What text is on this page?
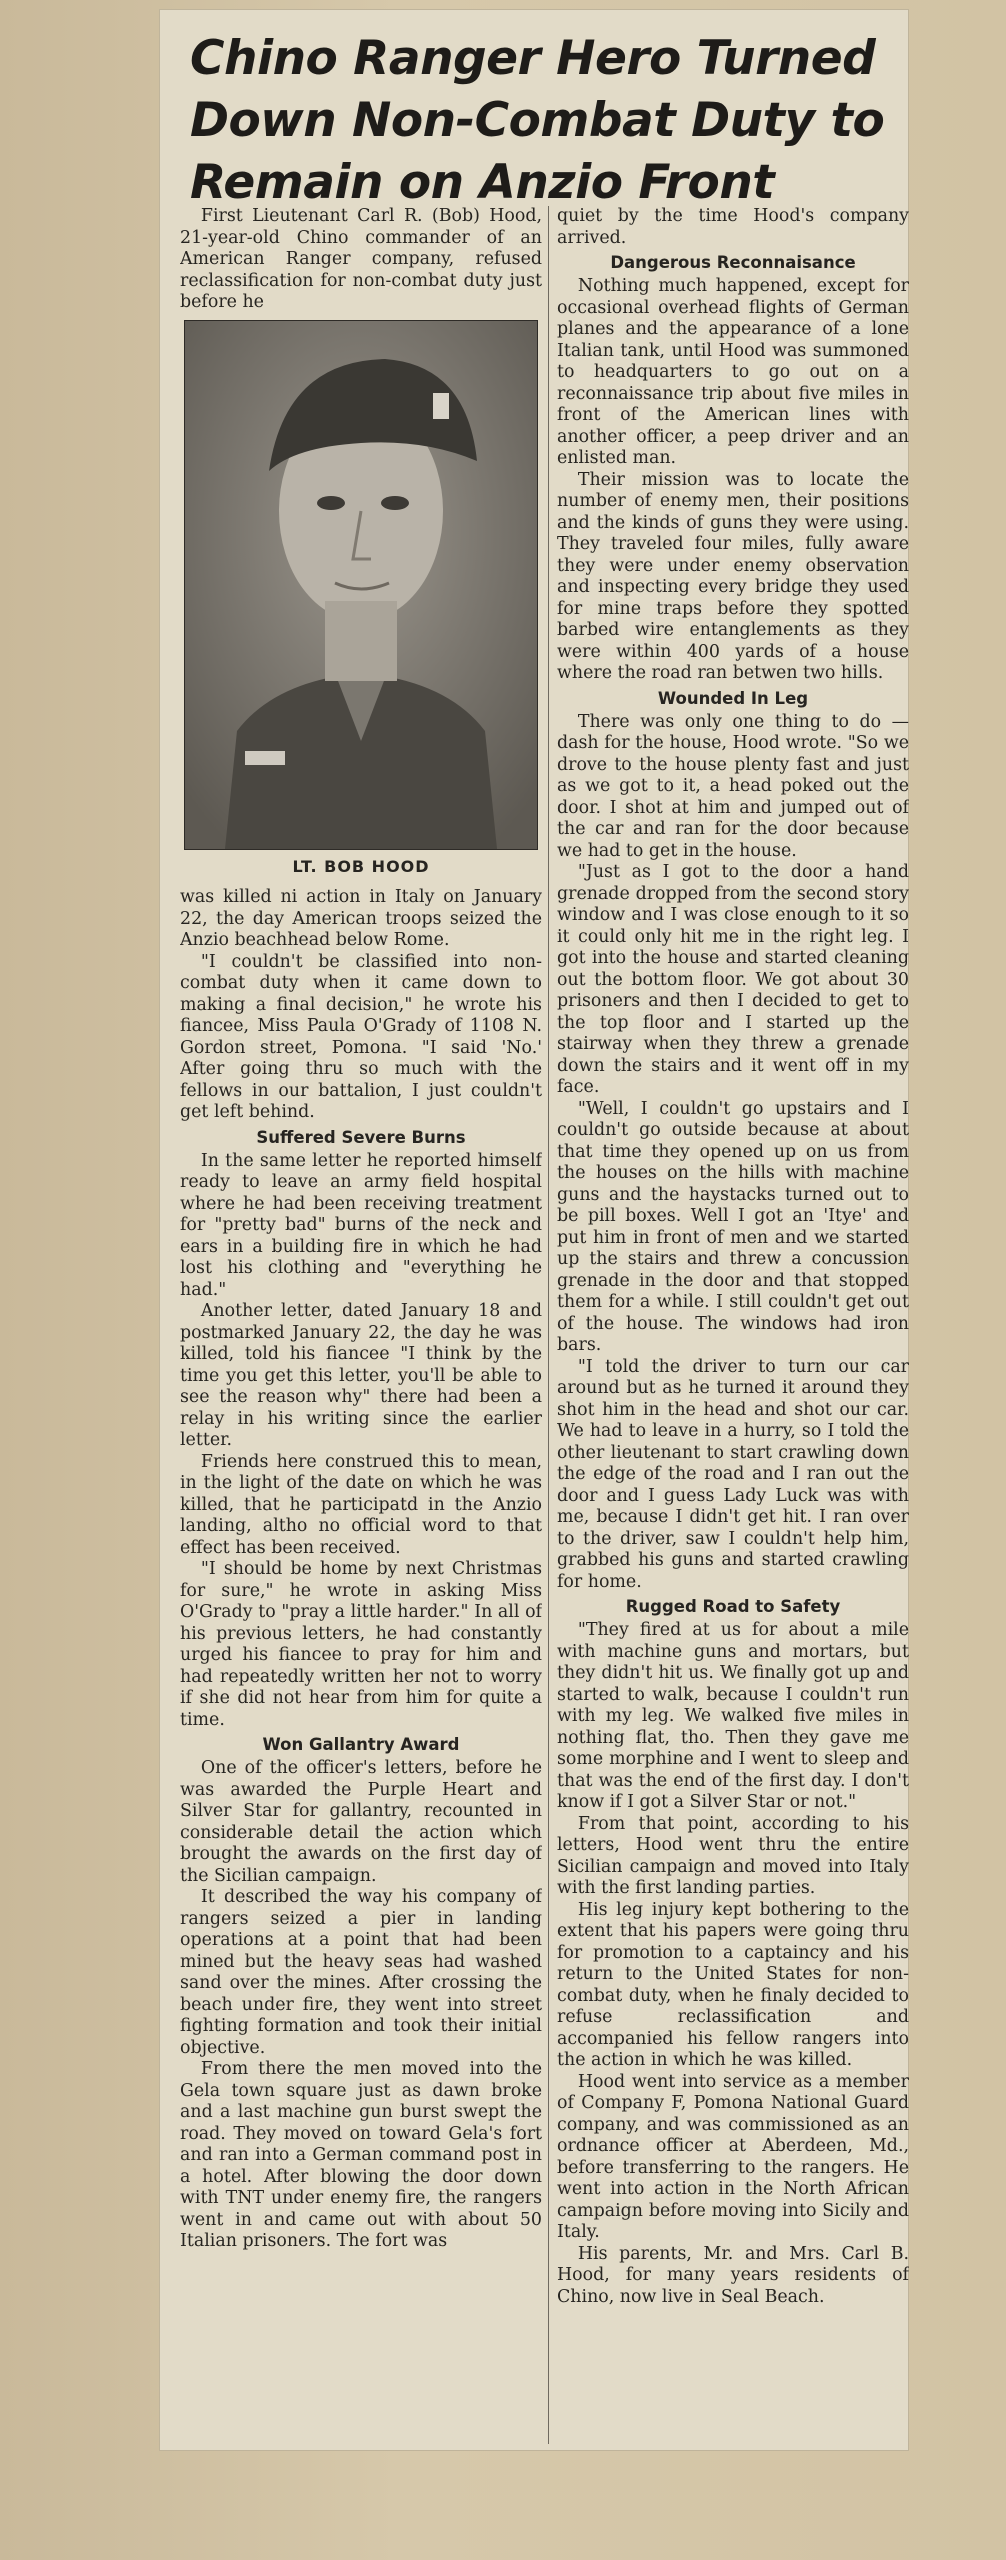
Chino Ranger Hero Turned Down Non-Combat Duty to Remain on Anzio Front

First Lieutenant Carl R. (Bob) Hood, 21-year-old Chino commander of an American Ranger company, refused reclassification for non-combat duty just before he

LT. BOB HOOD

was killed ni action in Italy on January 22, the day American troops seized the Anzio beachhead below Rome.

"I couldn't be classified into non-combat duty when it came down to making a final decision," he wrote his fiancee, Miss Paula O'Grady of 1108 N. Gordon street, Pomona. "I said 'No.' After going thru so much with the fellows in our battalion, I just couldn't get left behind.

Suffered Severe Burns

In the same letter he reported himself ready to leave an army field hospital where he had been receiving treatment for "pretty bad" burns of the neck and ears in a building fire in which he had lost his clothing and "everything he had."

Another letter, dated January 18 and postmarked January 22, the day he was killed, told his fiancee "I think by the time you get this letter, you'll be able to see the reason why" there had been a relay in his writing since the earlier letter.

Friends here construed this to mean, in the light of the date on which he was killed, that he participatd in the Anzio landing, altho no official word to that effect has been received.

"I should be home by next Christmas for sure," he wrote in asking Miss O'Grady to "pray a little harder." In all of his previous letters, he had constantly urged his fiancee to pray for him and had repeatedly written her not to worry if she did not hear from him for quite a time.

Won Gallantry Award

One of the officer's letters, before he was awarded the Purple Heart and Silver Star for gallantry, recounted in considerable detail the action which brought the awards on the first day of the Sicilian campaign.

It described the way his company of rangers seized a pier in landing operations at a point that had been mined but the heavy seas had washed sand over the mines. After crossing the beach under fire, they went into street fighting formation and took their initial objective.

From there the men moved into the Gela town square just as dawn broke and a last machine gun burst swept the road. They moved on toward Gela's fort and ran into a German command post in a hotel. After blowing the door down with TNT under enemy fire, the rangers went in and came out with about 50 Italian prisoners. The fort was

quiet by the time Hood's company arrived.

Dangerous Reconnaisance

Nothing much happened, except for occasional overhead flights of German planes and the appearance of a lone Italian tank, until Hood was summoned to headquarters to go out on a reconnaissance trip about five miles in front of the American lines with another officer, a peep driver and an enlisted man.

Their mission was to locate the number of enemy men, their positions and the kinds of guns they were using. They traveled four miles, fully aware they were under enemy observation and inspecting every bridge they used for mine traps before they spotted barbed wire entanglements as they were within 400 yards of a house where the road ran betwen two hills.

Wounded In Leg

There was only one thing to do —dash for the house, Hood wrote. "So we drove to the house plenty fast and just as we got to it, a head poked out the door. I shot at him and jumped out of the car and ran for the door because we had to get in the house.

"Just as I got to the door a hand grenade dropped from the second story window and I was close enough to it so it could only hit me in the right leg. I got into the house and started cleaning out the bottom floor. We got about 30 prisoners and then I decided to get to the top floor and I started up the stairway when they threw a grenade down the stairs and it went off in my face.

"Well, I couldn't go upstairs and I couldn't go outside because at about that time they opened up on us from the houses on the hills with machine guns and the haystacks turned out to be pill boxes. Well I got an 'Itye' and put him in front of men and we started up the stairs and threw a concussion grenade in the door and that stopped them for a while. I still couldn't get out of the house. The windows had iron bars.

"I told the driver to turn our car around but as he turned it around they shot him in the head and shot our car. We had to leave in a hurry, so I told the other lieutenant to start crawling down the edge of the road and I ran out the door and I guess Lady Luck was with me, because I didn't get hit. I ran over to the driver, saw I couldn't help him, grabbed his guns and started crawling for home.

Rugged Road to Safety

"They fired at us for about a mile with machine guns and mortars, but they didn't hit us. We finally got up and started to walk, because I couldn't run with my leg. We walked five miles in nothing flat, tho. Then they gave me some morphine and I went to sleep and that was the end of the first day. I don't know if I got a Silver Star or not."

From that point, according to his letters, Hood went thru the entire Sicilian campaign and moved into Italy with the first landing parties.

His leg injury kept bothering to the extent that his papers were going thru for promotion to a captaincy and his return to the United States for non-combat duty, when he finaly decided to refuse reclassification and accompanied his fellow rangers into the action in which he was killed.

Hood went into service as a member of Company F, Pomona National Guard company, and was commissioned as an ordnance officer at Aberdeen, Md., before transferring to the rangers. He went into action in the North African campaign before moving into Sicily and Italy.

His parents, Mr. and Mrs. Carl B. Hood, for many years residents of Chino, now live in Seal Beach.
